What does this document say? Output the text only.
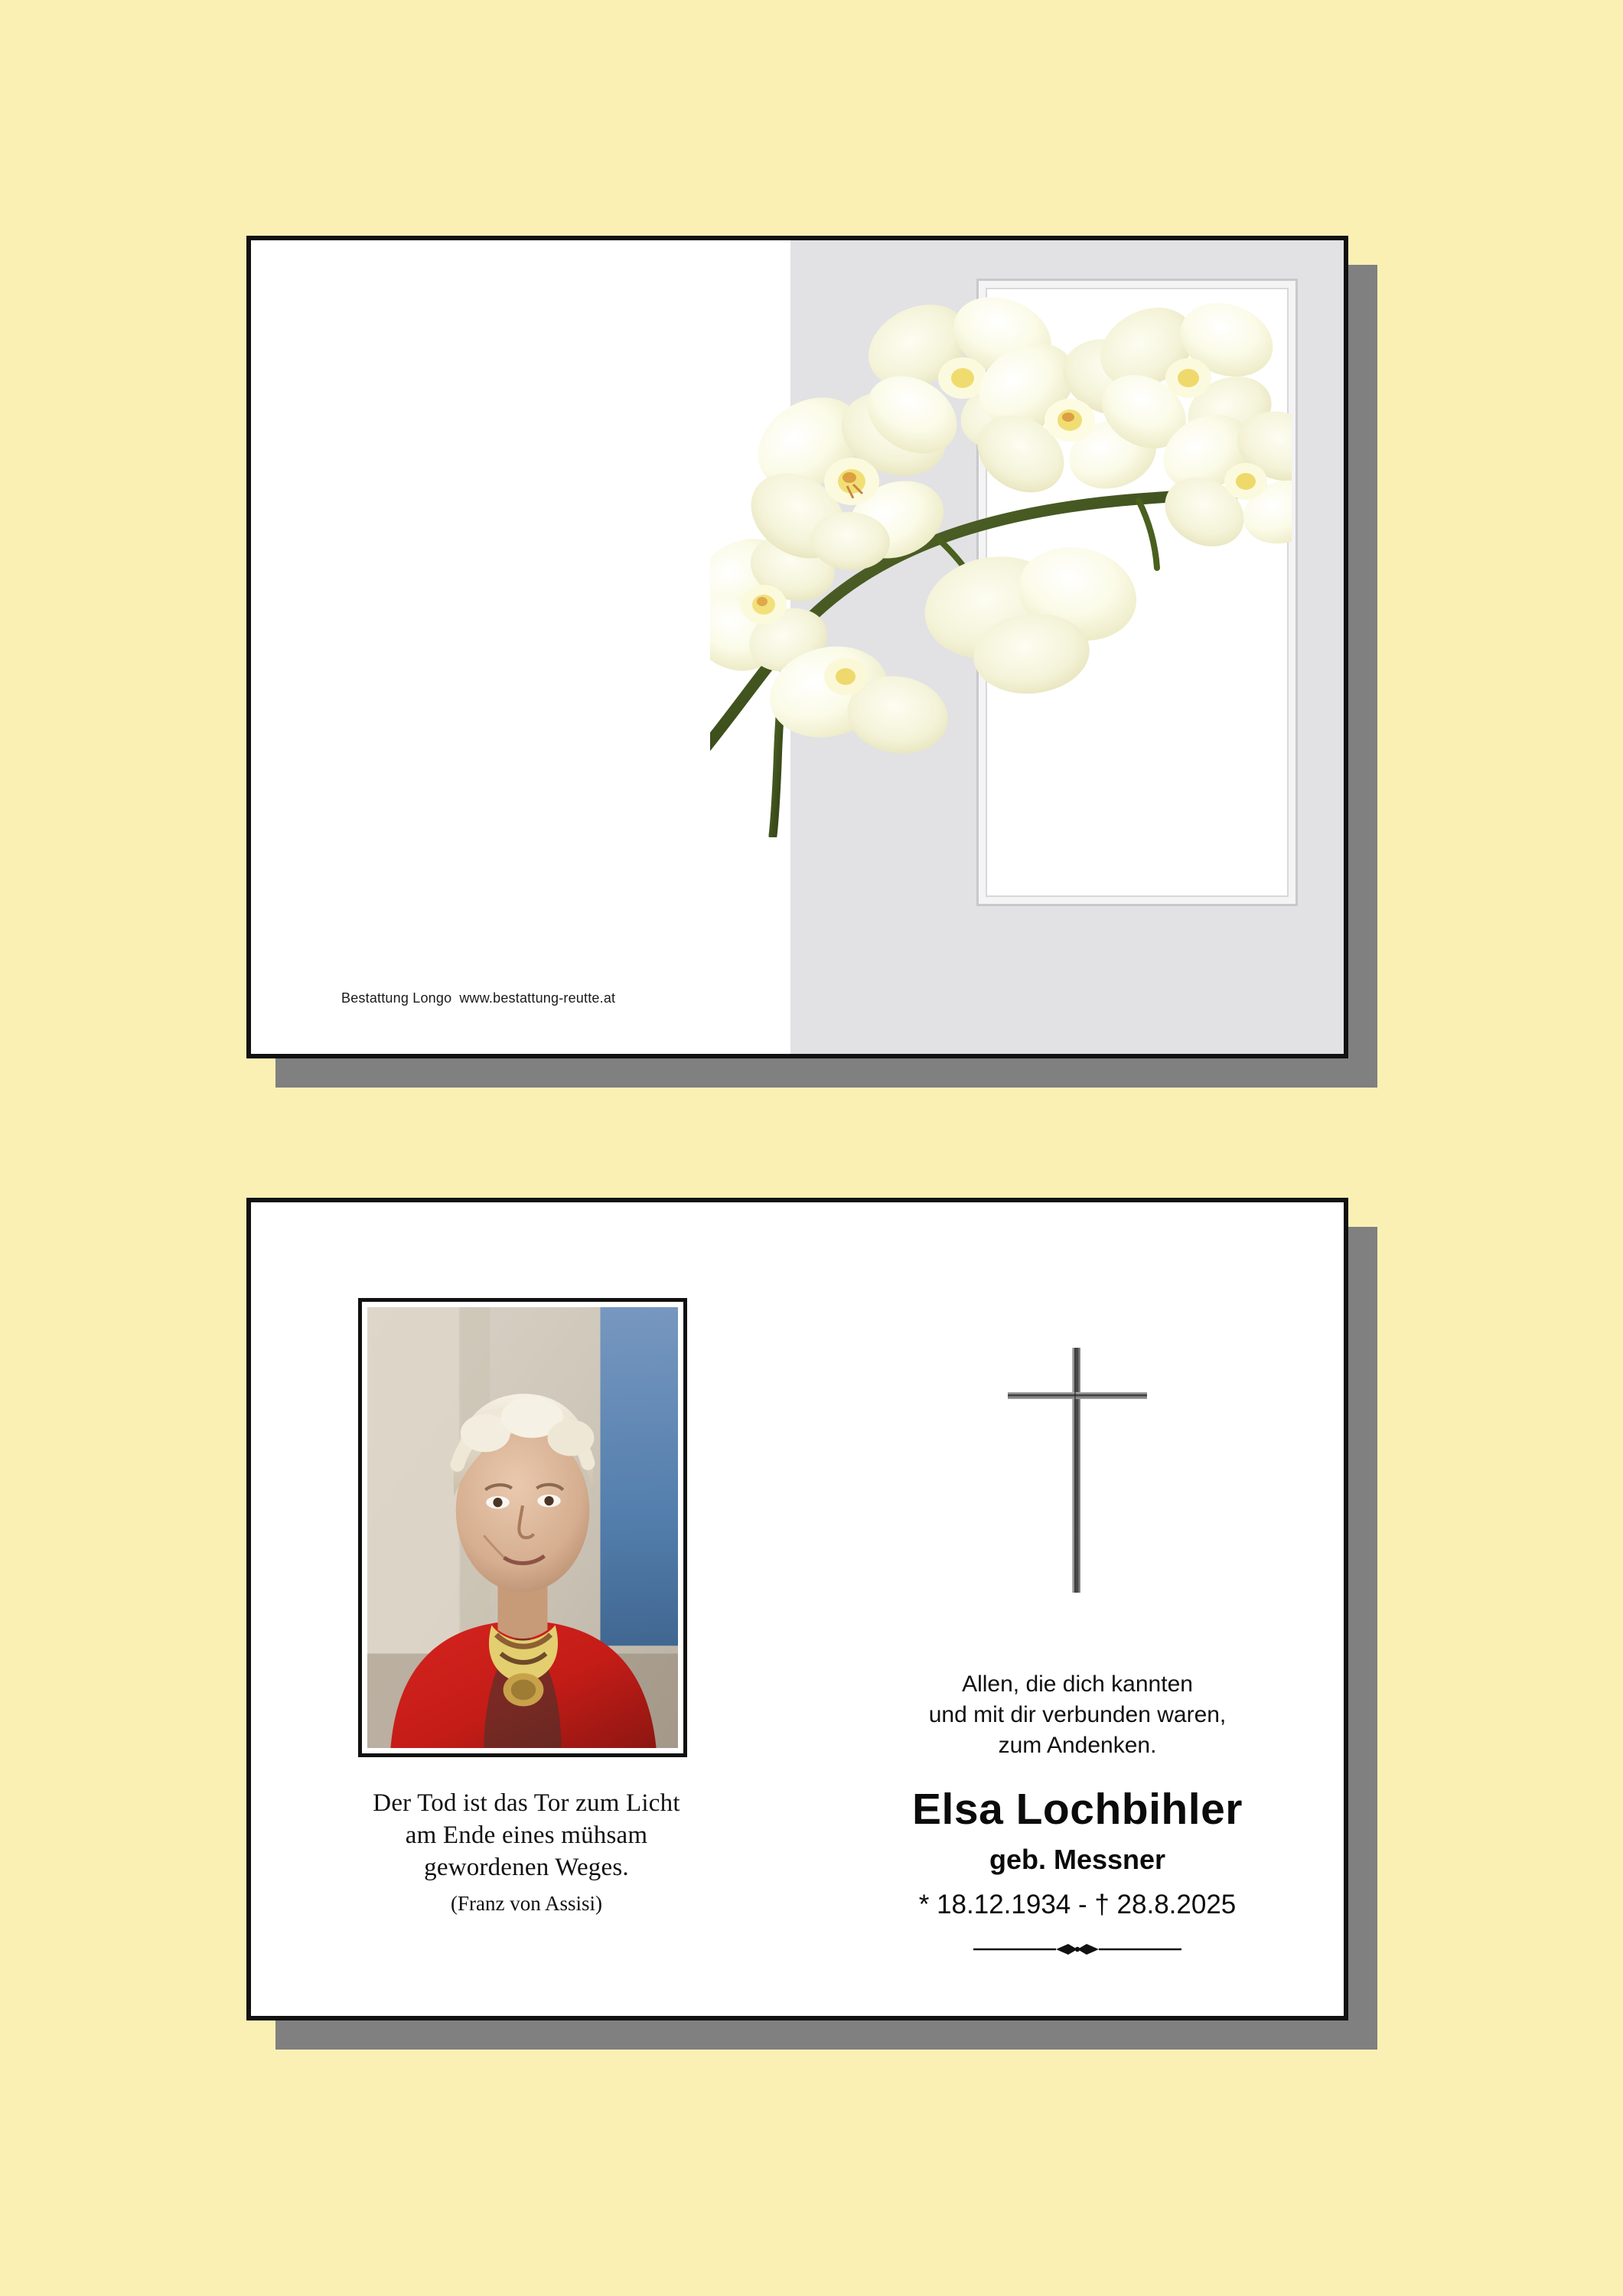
Bestattung Longo www.bestattung-reutte.at
Der Tod ist das Tor zum Licht
am Ende eines mühsam
gewordenen Weges.
(Franz von Assisi)
Allen, die dich kannten
und mit dir verbunden waren,
zum Andenken.
Elsa Lochbihler
geb. Messner
* 18.12.1934 - † 28.8.2025
